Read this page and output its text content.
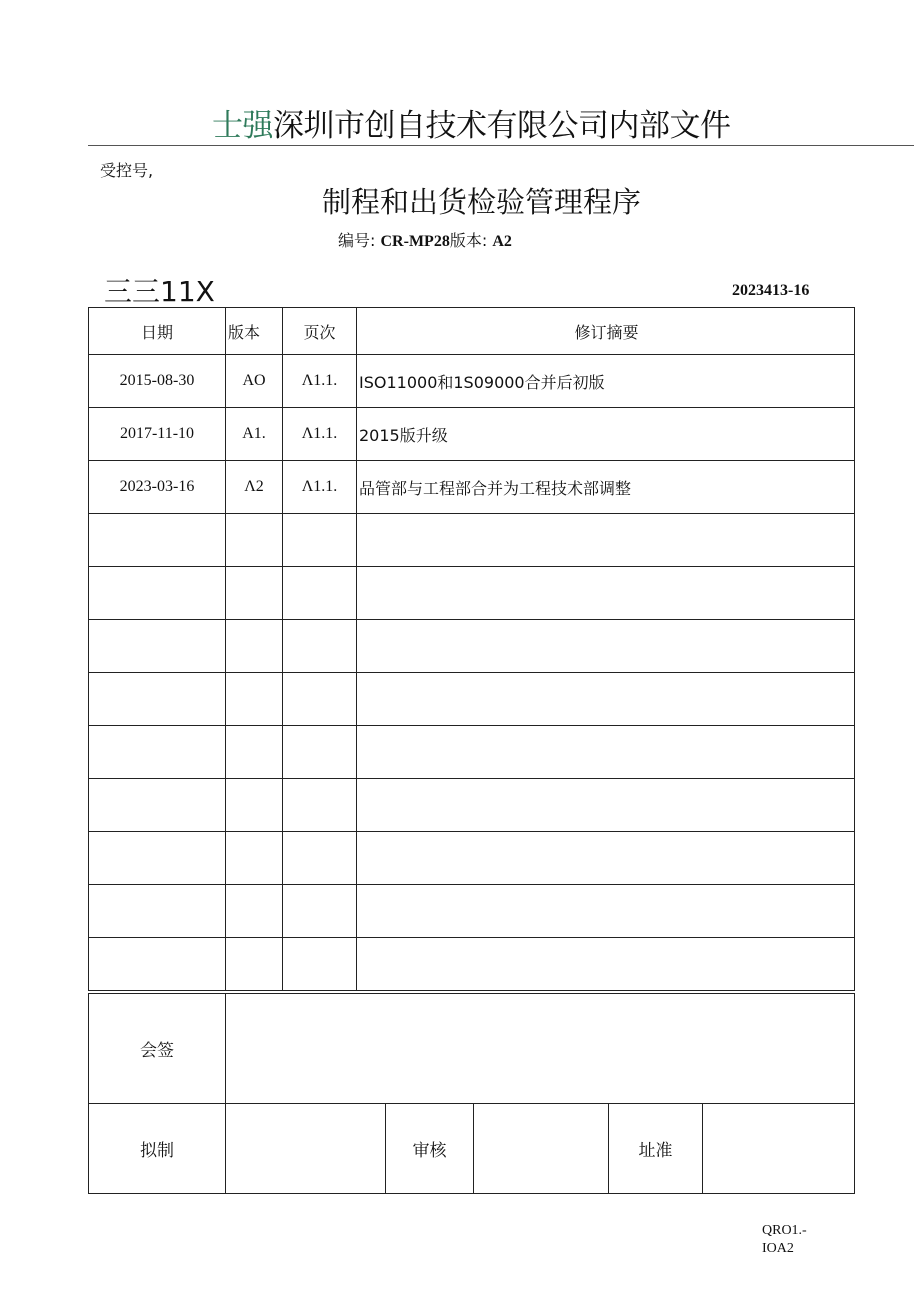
士强深圳市创自技术有限公司内部文件
受控号,
制程和出货检验管理程序
编号: CR-MP28版本: A2
三三11X	2023413-16
日期	版本	页次	修订摘要
2015-08-30	AO	Λ1.1.	ISO11000和1S09000合并后初版
2017-11-10	A1.	Λ1.1.	2015版升级
2023-03-16	Λ2	Λ1.1.	品管部与工程部合并为工程技术部调整

会签					
拟制		审核		址准	
QRO1.-
IOA2
